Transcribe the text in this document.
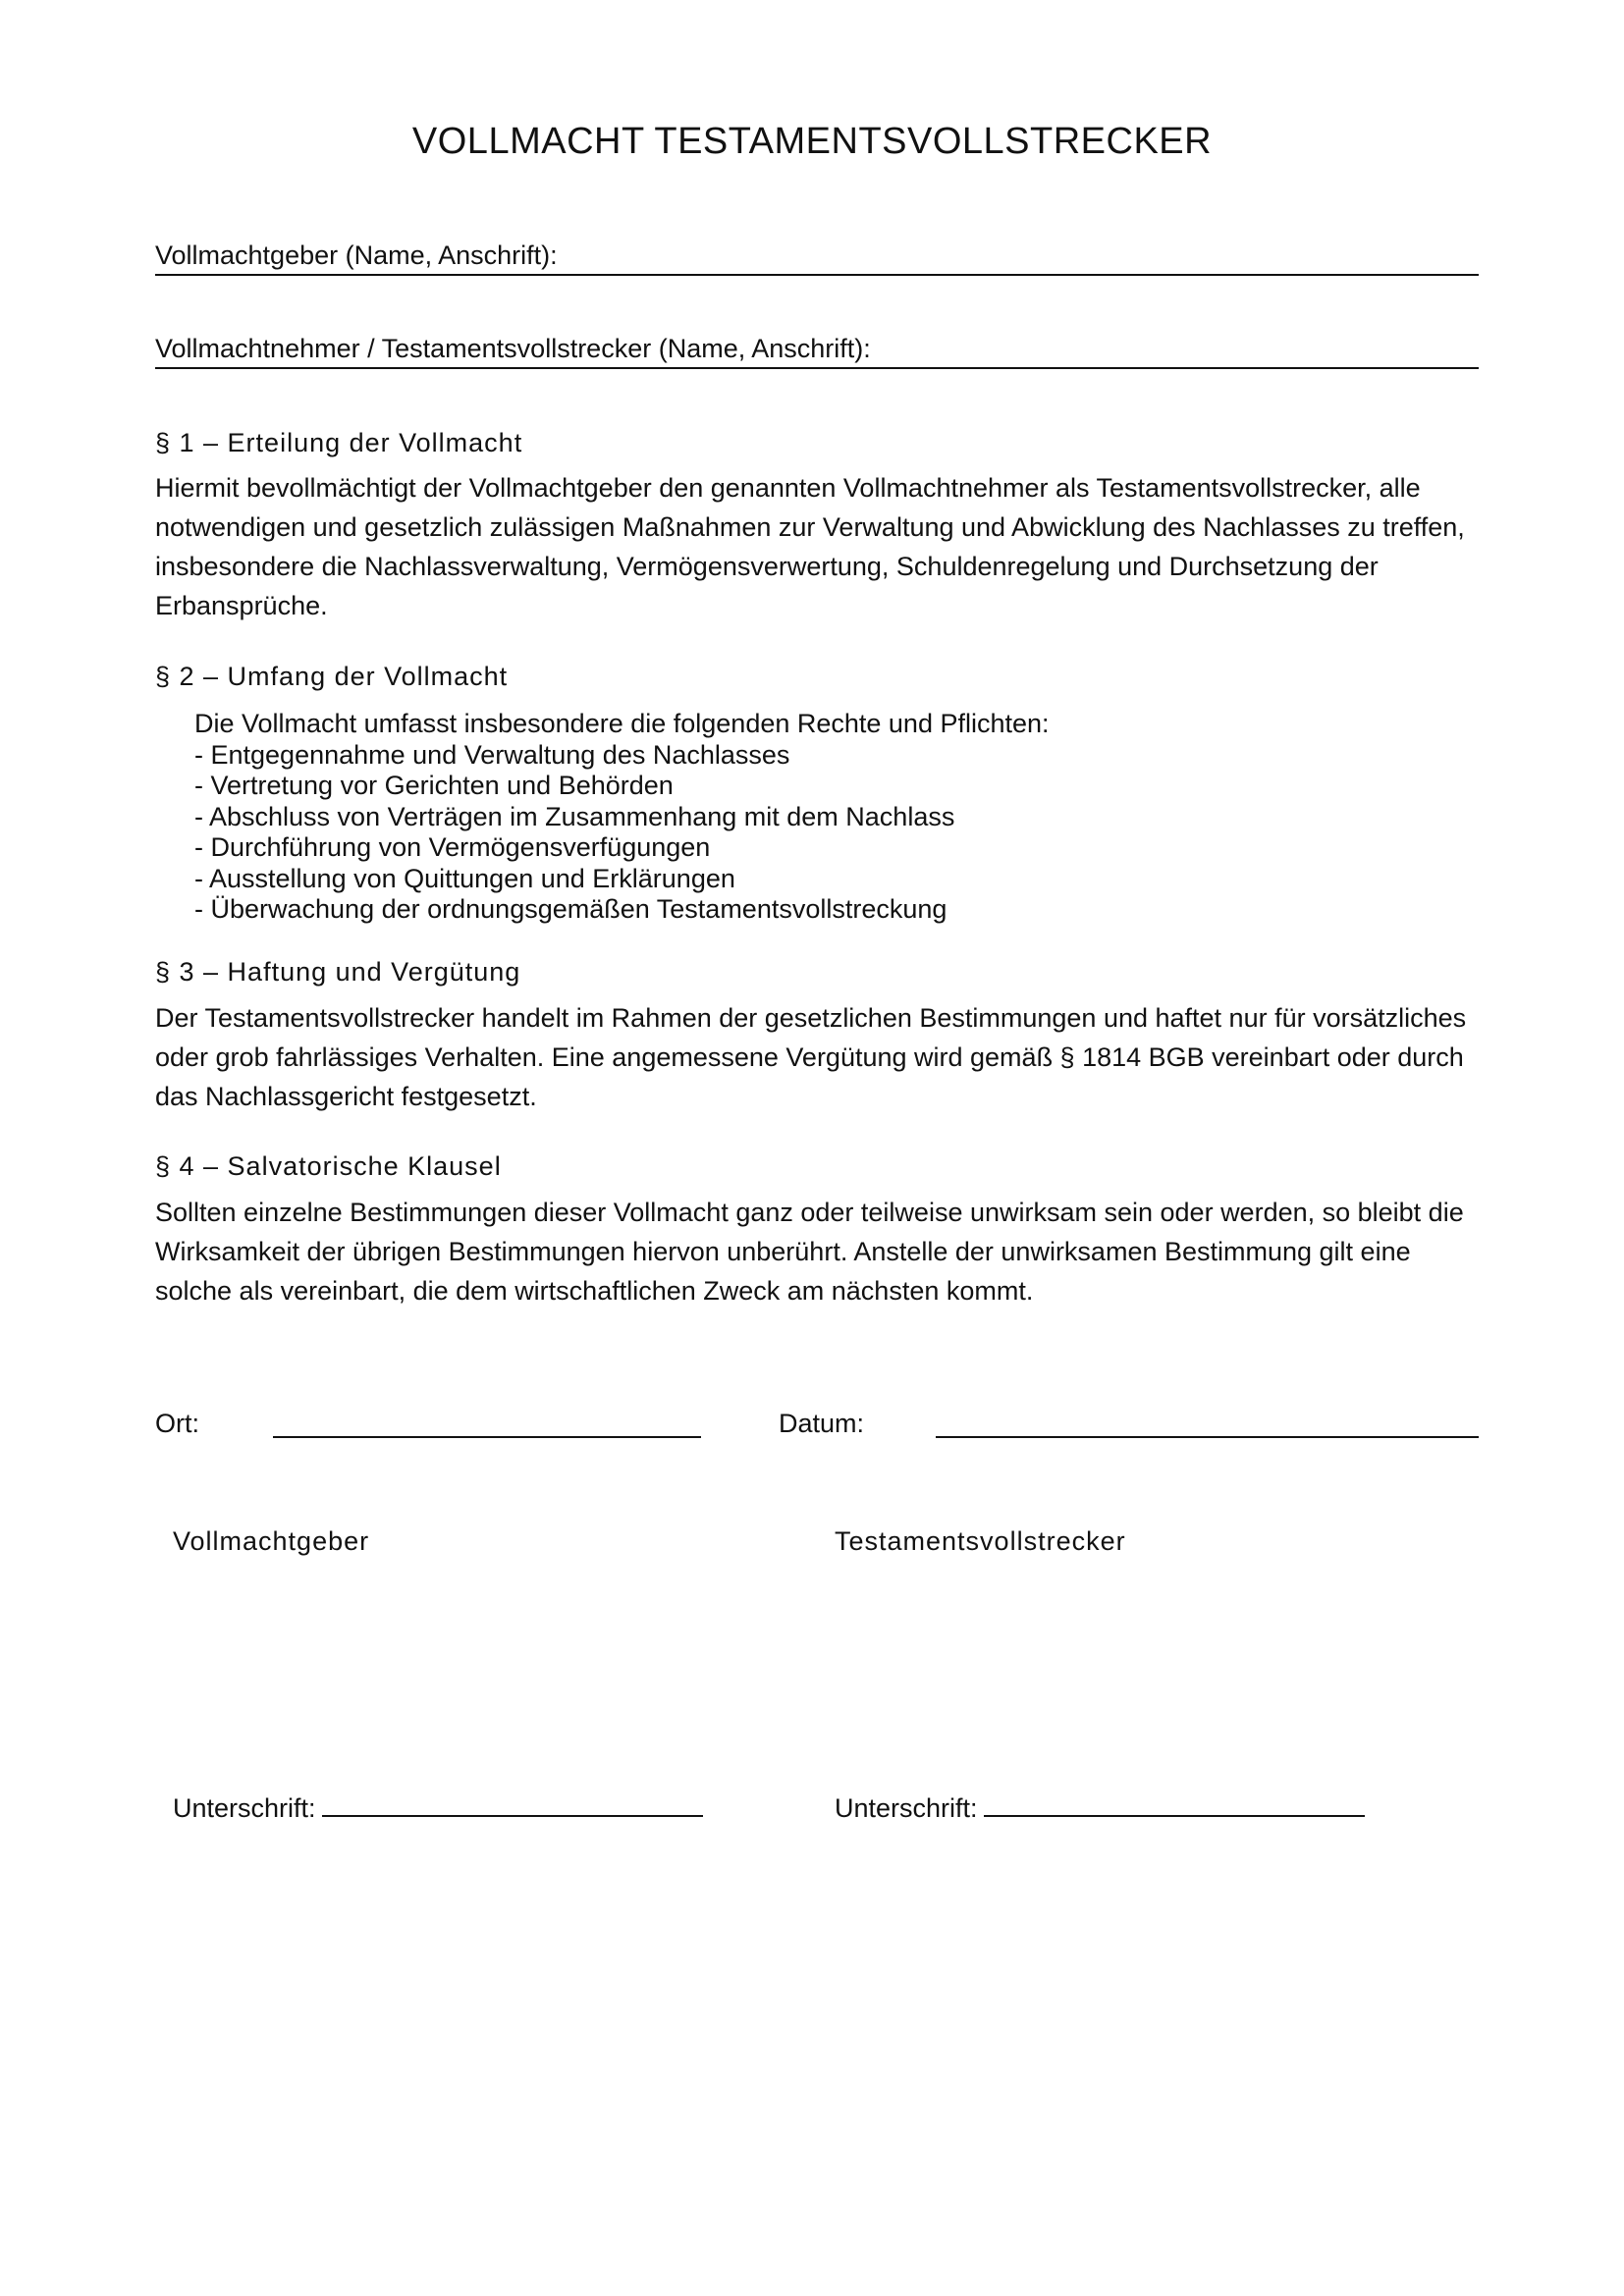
VOLLMACHT TESTAMENTSVOLLSTRECKER
Vollmachtgeber (Name, Anschrift):
Vollmachtnehmer / Testamentsvollstrecker (Name, Anschrift):
§ 1 – Erteilung der Vollmacht

Hiermit bevollmächtigt der Vollmachtgeber den genannten Vollmachtnehmer als Testamentsvollstrecker, alle notwendigen und gesetzlich zulässigen Maßnahmen zur Verwaltung und Abwicklung des Nachlasses zu treffen, insbesondere die Nachlassverwaltung, Vermögensverwertung, Schuldenregelung und Durchsetzung der Erbansprüche.

§ 2 – Umfang der Vollmacht
Die Vollmacht umfasst insbesondere die folgenden Rechte und Pflichten:
- Entgegennahme und Verwaltung des Nachlasses
- Vertretung vor Gerichten und Behörden
- Abschluss von Verträgen im Zusammenhang mit dem Nachlass
- Durchführung von Vermögensverfügungen
- Ausstellung von Quittungen und Erklärungen
- Überwachung der ordnungsgemäßen Testamentsvollstreckung
§ 3 – Haftung und Vergütung

Der Testamentsvollstrecker handelt im Rahmen der gesetzlichen Bestimmungen und haftet nur für vorsätzliches oder grob fahrlässiges Verhalten. Eine angemessene Vergütung wird gemäß § 1814 BGB vereinbart oder durch das Nachlassgericht festgesetzt.

§ 4 – Salvatorische Klausel

Sollten einzelne Bestimmungen dieser Vollmacht ganz oder teilweise unwirksam sein oder werden, so bleibt die Wirksamkeit der übrigen Bestimmungen hiervon unberührt. Anstelle der unwirksamen Bestimmung gilt eine solche als vereinbart, die dem wirtschaftlichen Zweck am nächsten kommt.

Ort:	Datum:
Vollmachtgeber	Testamentsvollstrecker
Unterschrift:	Unterschrift:
